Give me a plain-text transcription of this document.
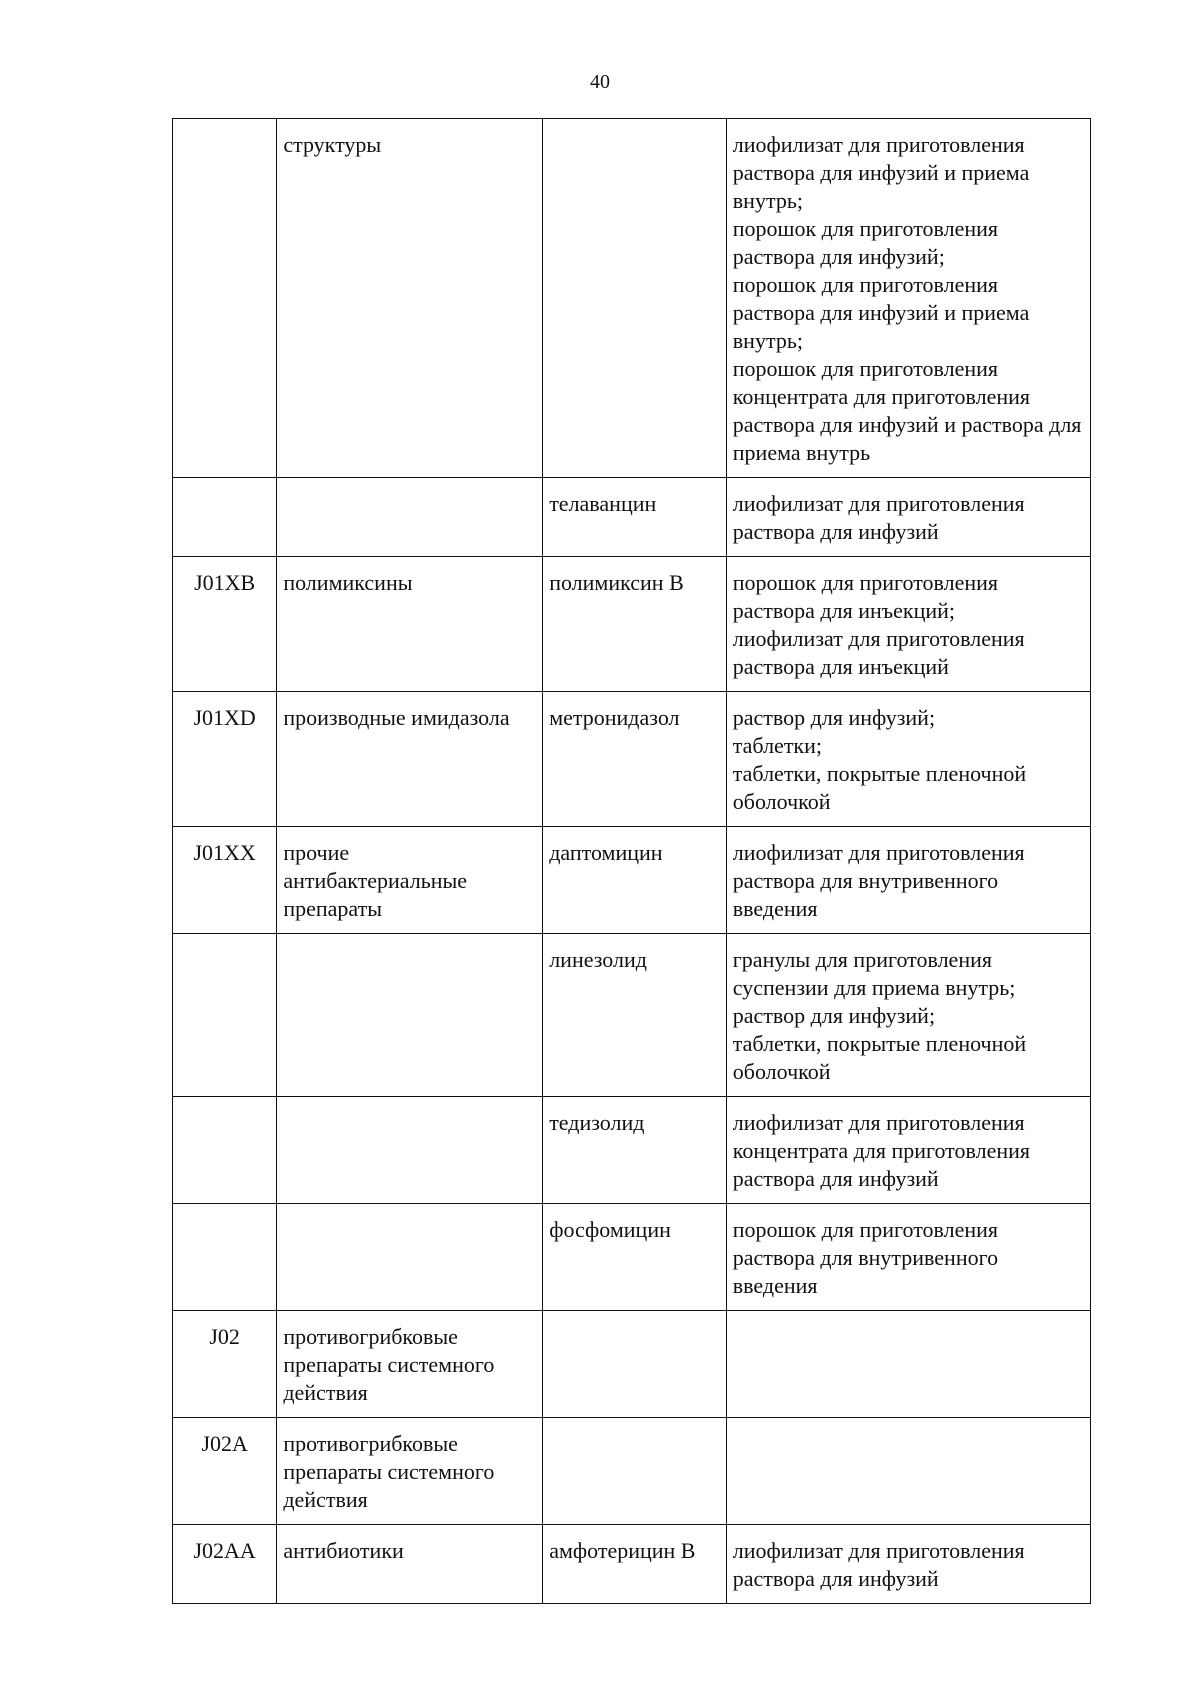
40
	структуры		лиофилизат для приготовления раствора для инфузий и приема внутрь;
порошок для приготовления раствора для инфузий;
порошок для приготовления раствора для инфузий и приема внутрь;
порошок для приготовления концентрата для приготовления раствора для инфузий и раствора для приема внутрь

		телаванцин	лиофилизат для приготовления раствора для инфузий

J01XB	полимиксины	полимиксин B	порошок для приготовления раствора для инъекций;
лиофилизат для приготовления раствора для инъекций

J01XD	производные имидазола	метронидазол	раствор для инфузий;
таблетки;
таблетки, покрытые пленочной оболочкой

J01XX	прочие антибактериальные препараты	даптомицин	лиофилизат для приготовления раствора для внутривенного введения

		линезолид	гранулы для приготовления суспензии для приема внутрь;
раствор для инфузий;
таблетки, покрытые пленочной оболочкой

		тедизолид	лиофилизат для приготовления концентрата для приготовления раствора для инфузий

		фосфомицин	порошок для приготовления раствора для внутривенного введения

J02	противогрибковые препараты системного действия		
J02A	противогрибковые препараты системного действия		
J02AA	антибиотики	амфотерицин B	лиофилизат для приготовления раствора для инфузий
